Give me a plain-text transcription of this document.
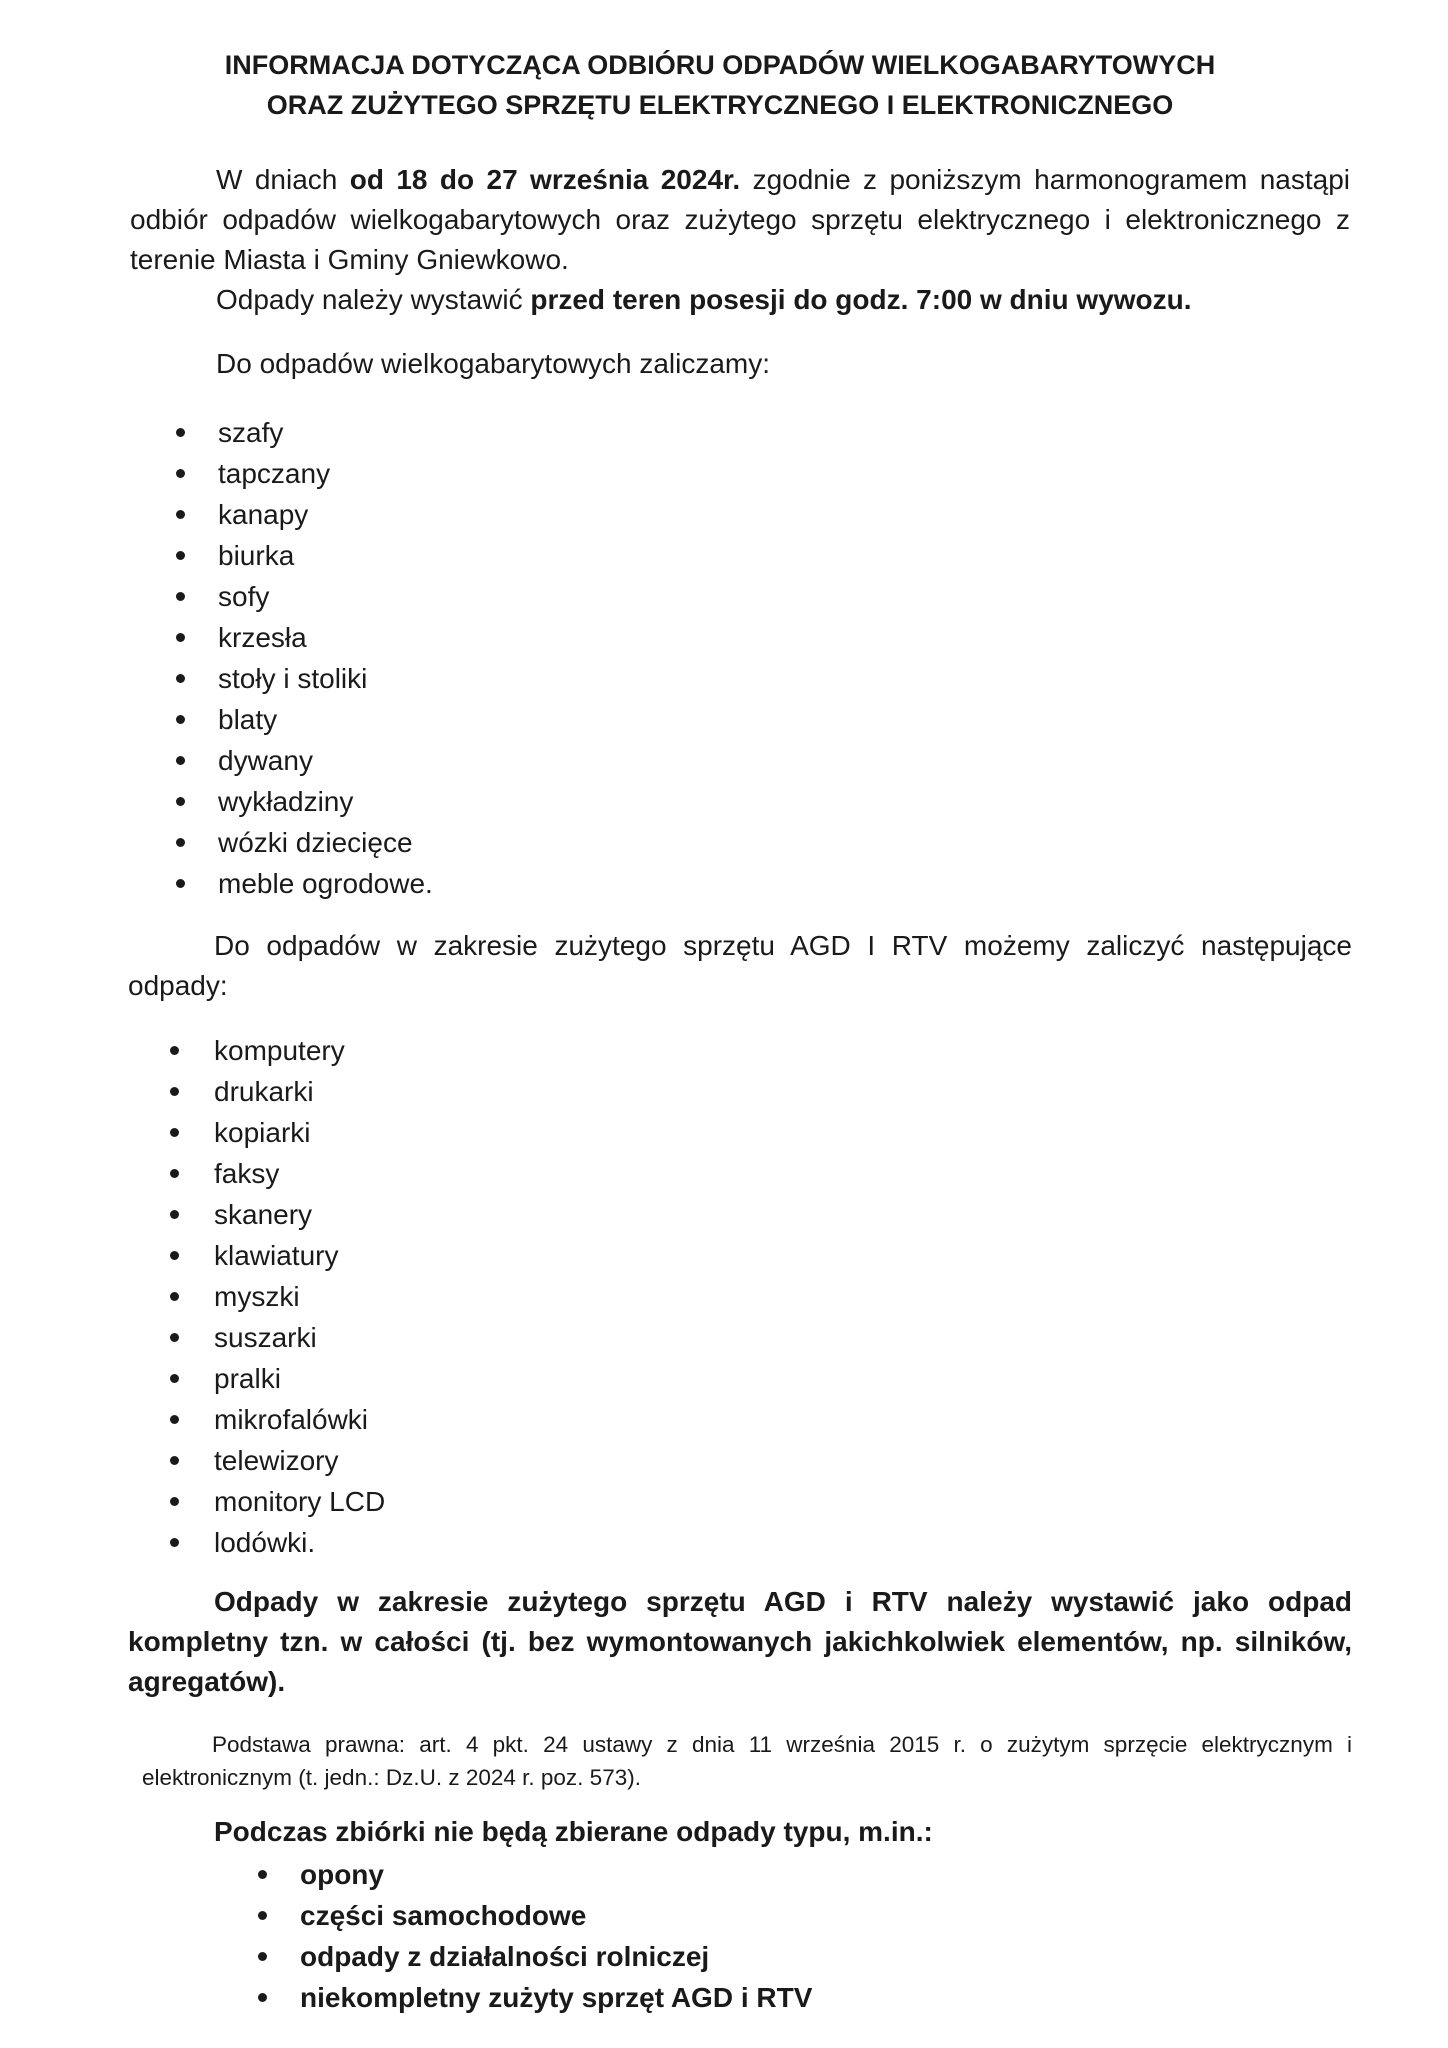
INFORMACJA DOTYCZĄCA ODBIÓRU ODPADÓW WIELKOGABARYTOWYCH
ORAZ ZUŻYTEGO SPRZĘTU ELEKTRYCZNEGO I ELEKTRONICZNEGO

W dniach od 18 do 27 września 2024r. zgodnie z poniższym harmonogramem nastąpi odbiór odpadów wielkogabarytowych oraz zużytego sprzętu elektrycznego i elektronicznego z terenie Miasta i Gminy Gniewkowo.

Odpady należy wystawić przed teren posesji do godz. 7:00 w dniu wywozu.

Do odpadów wielkogabarytowych zaliczamy:

szafy
tapczany
kanapy
biurka
sofy
krzesła
stoły i stoliki
blaty
dywany
wykładziny
wózki dziecięce
meble ogrodowe.

Do odpadów w zakresie zużytego sprzętu AGD I RTV możemy zaliczyć następujące odpady:

komputery
drukarki
kopiarki
faksy
skanery
klawiatury
myszki
suszarki
pralki
mikrofalówki
telewizory
monitory LCD
lodówki.

Odpady w zakresie zużytego sprzętu AGD i RTV należy wystawić jako odpad kompletny tzn. w całości (tj. bez wymontowanych jakichkolwiek elementów, np. silników, agregatów).

Podstawa prawna: art. 4 pkt. 24 ustawy z dnia 11 września 2015 r. o zużytym sprzęcie elektrycznym i elektronicznym (t. jedn.: Dz.U. z 2024 r. poz. 573).

Podczas zbiórki nie będą zbierane odpady typu, m.in.:

opony
części samochodowe
odpady z działalności rolniczej
niekompletny zużyty sprzęt AGD i RTV
